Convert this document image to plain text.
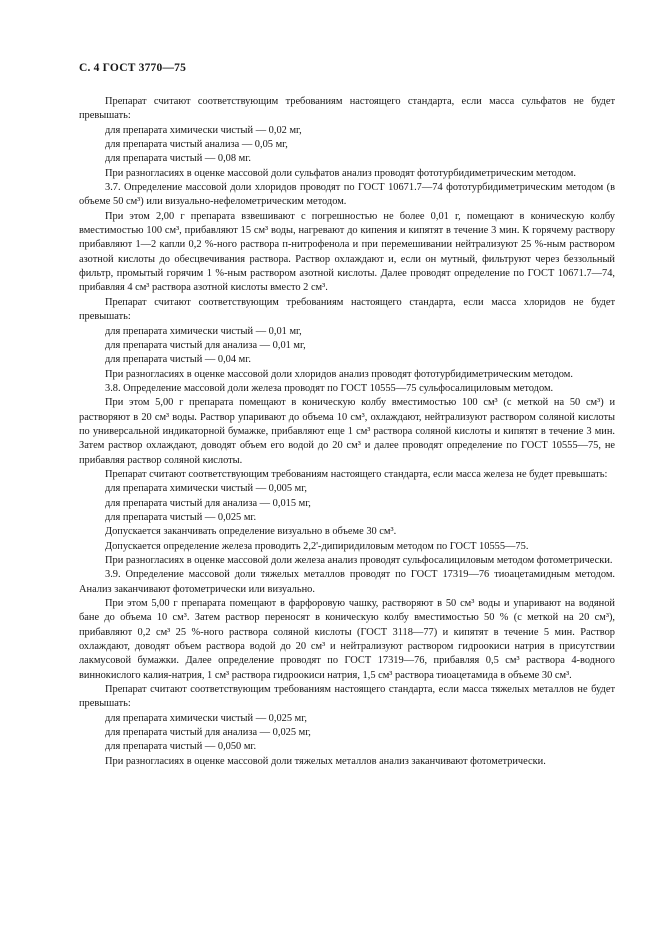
С. 4 ГОСТ 3770—75

Препарат считают соответствующим требованиям настоящего стандарта, если масса сульфатов не будет превышать:

для препарата химически чистый — 0,02 мг,

для препарата чистый анализа — 0,05 мг,

для препарата чистый — 0,08 мг.

При разногласиях в оценке массовой доли сульфатов анализ проводят фототурбидиметрическим методом.

3.7. Определение массовой доли хлоридов проводят по ГОСТ 10671.7—74 фототурбидиметрическим методом (в объеме 50 см³) или визуально-нефелометрическим методом.

При этом 2,00 г препарата взвешивают с погрешностью не более 0,01 г, помещают в коническую колбу вместимостью 100 см³, прибавляют 15 см³ воды, нагревают до кипения и кипятят в течение 3 мин. К горячему раствору прибавляют 1—2 капли 0,2 %-ного раствора п-нитрофенола и при перемешивании нейтрализуют 25 %-ным раствором азотной кислоты до обесцвечивания раствора. Раствор охлаждают и, если он мутный, фильтруют через беззольный фильтр, промытый горячим 1 %-ным раствором азотной кислоты. Далее проводят определение по ГОСТ 10671.7—74, прибавляя 4 см³ раствора азотной кислоты вместо 2 см³.

Препарат считают соответствующим требованиям настоящего стандарта, если масса хлоридов не будет превышать:

для препарата химически чистый — 0,01 мг,

для препарата чистый для анализа — 0,01 мг,

для препарата чистый — 0,04 мг.

При разногласиях в оценке массовой доли хлоридов анализ проводят фототурбидиметрическим методом.

3.8. Определение массовой доли железа проводят по ГОСТ 10555—75 сульфосалициловым методом.

При этом 5,00 г препарата помещают в коническую колбу вместимостью 100 см³ (с меткой на 50 см³) и растворяют в 20 см³ воды. Раствор упаривают до объема 10 см³, охлаждают, нейтрализуют раствором соляной кислоты по универсальной индикаторной бумажке, прибавляют еще 1 см³ раствора соляной кислоты и кипятят в течение 3 мин. Затем раствор охлаждают, доводят объем его водой до 20 см³ и далее проводят определение по ГОСТ 10555—75, не прибавляя раствор соляной кислоты.

Препарат считают соответствующим требованиям настоящего стандарта, если масса железа не будет превышать:

для препарата химически чистый — 0,005 мг,

для препарата чистый для анализа — 0,015 мг,

для препарата чистый — 0,025 мг.

Допускается заканчивать определение визуально в объеме 30 см³.

Допускается определение железа проводить 2,2'-дипиридиловым методом по ГОСТ 10555—75.

При разногласиях в оценке массовой доли железа анализ проводят сульфосалициловым методом фотометрически.

3.9. Определение массовой доли тяжелых металлов проводят по ГОСТ 17319—76 тиоацетамидным методом. Анализ заканчивают фотометрически или визуально.

При этом 5,00 г препарата помещают в фарфоровую чашку, растворяют в 50 см³ воды и упаривают на водяной бане до объема 10 см³. Затем раствор переносят в коническую колбу вместимостью 50 % (с меткой на 20 см³), прибавляют 0,2 см³ 25 %-ного раствора соляной кислоты (ГОСТ 3118—77) и кипятят в течение 5 мин. Раствор охлаждают, доводят объем раствора водой до 20 см³ и нейтрализуют раствором гидроокиси натрия в присутствии лакмусовой бумажки. Далее определение проводят по ГОСТ 17319—76, прибавляя 0,5 см³ раствора 4-водного виннокислого калия-натрия, 1 см³ раствора гидроокиси натрия, 1,5 см³ раствора тиоацетамида в объеме 30 см³.

Препарат считают соответствующим требованиям настоящего стандарта, если масса тяжелых металлов не будет превышать:

для препарата химически чистый — 0,025 мг,

для препарата чистый для анализа — 0,025 мг,

для препарата чистый — 0,050 мг.

При разногласиях в оценке массовой доли тяжелых металлов анализ заканчивают фотометрически.
